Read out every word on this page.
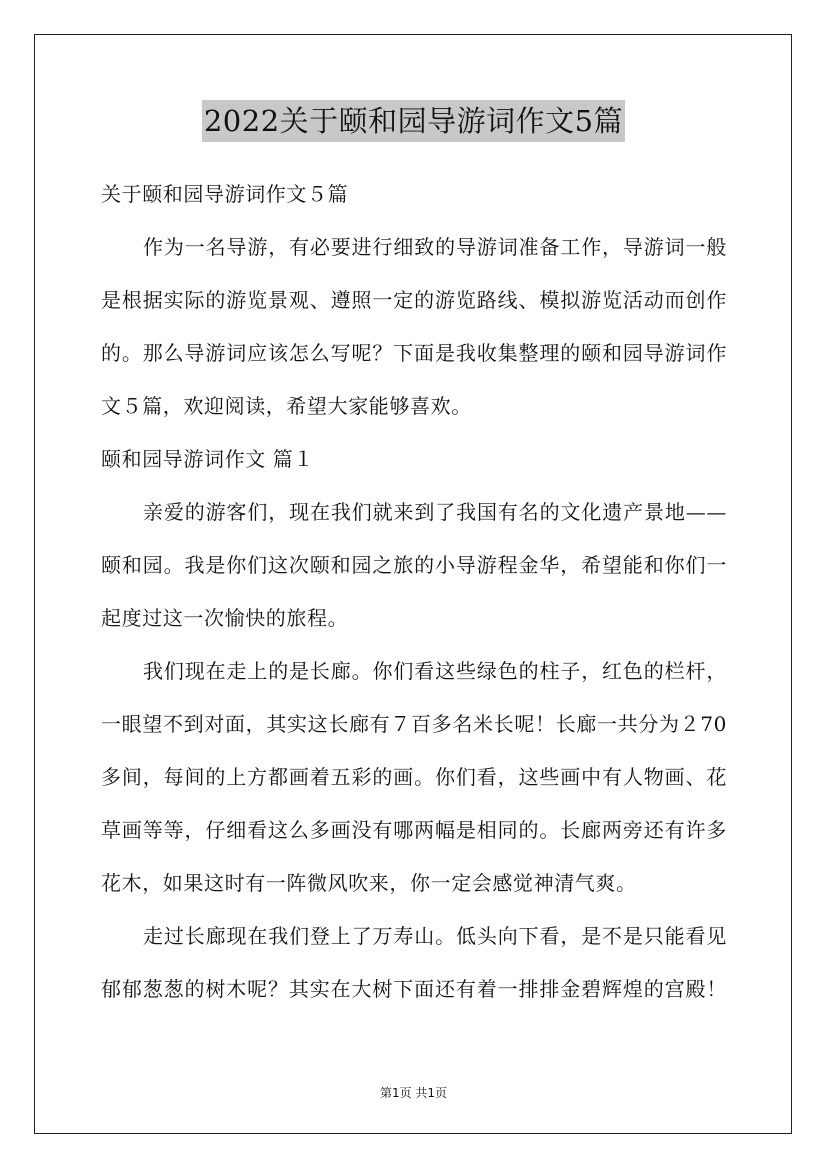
2022关于颐和园导游词作文5篇
关于颐和园导游词作文５篇
作为一名导游，有必要进行细致的导游词准备工作，导游词一般
是根据实际的游览景观、遵照一定的游览路线、模拟游览活动而创作
的。那么导游词应该怎么写呢？下面是我收集整理的颐和园导游词作
文５篇，欢迎阅读，希望大家能够喜欢。
颐和园导游词作文 篇１
亲爱的游客们，现在我们就来到了我国有名的文化遗产景地——
颐和园。我是你们这次颐和园之旅的小导游程金华，希望能和你们一
起度过这一次愉快的旅程。
我们现在走上的是长廊。你们看这些绿色的柱子，红色的栏杆，
一眼望不到对面，其实这长廊有７百多名米长呢！长廊一共分为２70
多间，每间的上方都画着五彩的画。你们看，这些画中有人物画、花
草画等等，仔细看这么多画没有哪两幅是相同的。长廊两旁还有许多
花木，如果这时有一阵微风吹来，你一定会感觉神清气爽。
走过长廊现在我们登上了万寿山。低头向下看，是不是只能看见
郁郁葱葱的树木呢？其实在大树下面还有着一排排金碧辉煌的宫殿！
第1页 共1页
